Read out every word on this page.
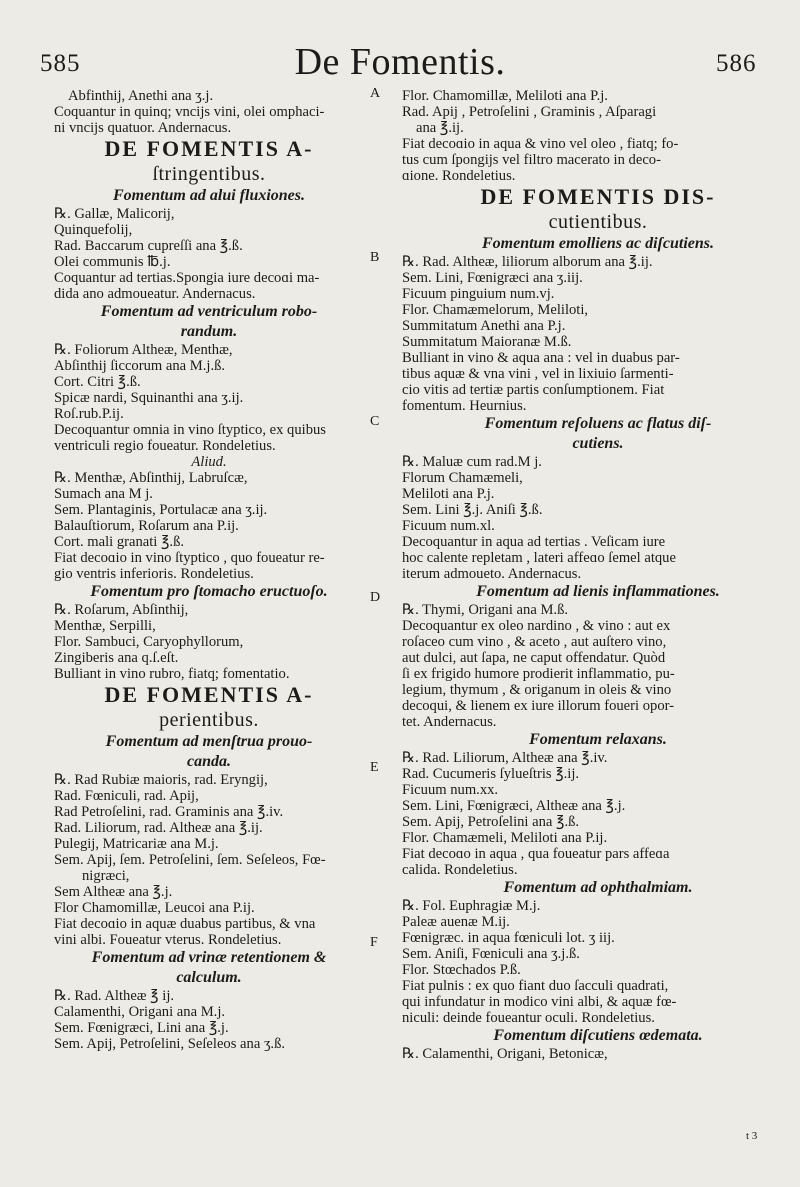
585	De Fomentis.	586

Abfinthij, Anethi ana ʒ.j.

Coquantur in quinq; vncijs vini, olei omphaci-

ni vncijs quatuor. Andernacus.

DE FOMENTIS A-

ſtringentibus.

Fomentum ad alui fluxiones.

℞. Gallæ, Malicorij,

Quinquefolij,

Rad. Baccarum cupreſſi ana ℥.ß.

Olei communis ℔.j.

Coquantur ad tertias.Spongia iure decoɑi ma-

dida ano admoueatur. Andernacus.

Fomentum ad ventriculum robo-

randum.

℞. Foliorum Altheæ, Menthæ,

Abſinthij ſiccorum ana M.j.ß.

Cort. Citri ℥.ß.

Spicæ nardi, Squinanthi ana ʒ.ij.

Roſ.rub.P.ij.

Decoquantur omnia in vino ſtyptico, ex quibus

ventriculi regio foueatur. Rondeletius.

Aliud.

℞. Menthæ, Abſinthij, Labruſcæ,

Sumach ana M j.

Sem. Plantaginis, Portulacæ ana ʒ.ij.

Balauſtiorum, Roſarum ana P.ij.

Cort. mali granati ℥.ß.

Fiat decoɑio in vino ſtyptico , quo foueatur re-

gio ventris inferioris. Rondeletius.

Fomentum pro ſtomacho eructuoſo.

℞. Roſarum, Abſinthij,

Menthæ, Serpilli,

Flor. Sambuci, Caryophyllorum,

Zingiberis ana q.ſ.eſt.

Bulliant in vino rubro, fiatq; fomentatio.

DE FOMENTIS A-

perientibus.

Fomentum ad menſtrua prouo-

canda.

℞. Rad Rubiæ maioris, rad. Eryngij,

Rad. Fœniculi, rad. Apij,

Rad Petroſelini, rad. Graminis ana ℥.iv.

Rad. Liliorum, rad. Altheæ ana ℥.ij.

Pulegij, Matricariæ ana M.j.

Sem. Apij, ſem. Petroſelini, ſem. Seſeleos, Fœ-

nigræci,

Sem Altheæ ana ℥.j.

Flor Chamomillæ, Leucoi ana P.ij.

Fiat decoɑio in aquæ duabus partibus, & vna

vini albi. Foueatur vterus. Rondeletius.

Fomentum ad vrinæ retentionem &

calculum.

℞. Rad. Altheæ ℥ ij.

Calamenthi, Origani ana M.j.

Sem. Fœnigræci, Lini ana ℥.j.

Sem. Apij, Petroſelini, Seſeleos ana ʒ.ß.

Flor. Chamomillæ, Meliloti ana P.j.

Rad. Apij , Petroſelini , Graminis , Aſparagi

ana ℥.ij.

Fiat decoɑio in aqua & vino vel oleo , fiatq; fo-

tus cum ſpongijs vel filtro macerato in deco-

ɑione. Rondeletius.

DE FOMENTIS DIS-

cutientibus.

Fomentum emolliens ac diſcutiens.

℞. Rad. Altheæ, liliorum alborum ana ℥.ij.

Sem. Lini, Fœnigræci ana ʒ.iij.

Ficuum pinguium num.vj.

Flor. Chamæmelorum, Meliloti,

Summitatum Anethi ana P.j.

Summitatum Maioranæ M.ß.

Bulliant in vino & aqua ana : vel in duabus par-

tibus aquæ & vna vini , vel in lixiuio ſarmenti-

cio vitis ad tertiæ partis conſumptionem. Fiat

fomentum. Heurnius.

Fomentum reſoluens ac flatus diſ-

cutiens.

℞. Maluæ cum rad.M j.

Florum Chamæmeli,

Meliloti ana P.j.

Sem. Lini ℥.j. Aniſi ℥.ß.

Ficuum num.xl.

Decoquantur in aqua ad tertias . Veſicam iure

hoc calente repletam , lateri affeɑo ſemel atque

iterum admoueto. Andernacus.

Fomentum ad lienis inflammationes.

℞. Thymi, Origani ana M.ß.

Decoquantur ex oleo nardino , & vino : aut ex

roſaceo cum vino , & aceto , aut auſtero vino,

aut dulci, aut ſapa, ne caput offendatur. Quòd

ſi ex frigido humore prodierit inflammatio, pu-

legium, thymum , & origanum in oleis & vino

decoqui, & lienem ex iure illorum foueri opor-

tet. Andernacus.

Fomentum relaxans.

℞. Rad. Liliorum, Altheæ ana ℥.iv.

Rad. Cucumeris ſylueſtris ℥.ij.

Ficuum num.xx.

Sem. Lini, Fœnigræci, Altheæ ana ℥.j.

Sem. Apij, Petroſelini ana ℥.ß.

Flor. Chamæmeli, Meliloti ana P.ij.

Fiat decoɑo in aqua , qua foueatur pars affeɑa

calida. Rondeletius.

Fomentum ad ophthalmiam.

℞. Fol. Euphragiæ M.j.

Paleæ auenæ M.ij.

Fœnigræc. in aqua fœniculi lot. ʒ iij.

Sem. Aniſi, Fœniculi ana ʒ.j.ß.

Flor. Stœchados P.ß.

Fiat pulnis : ex quo fiant duo ſacculi quadrati,

qui infundatur in modico vini albi, & aquæ fœ-

niculi: deinde foueantur oculi. Rondeletius.

Fomentum diſcutiens œdemata.

℞. Calamenthi, Origani, Betonicæ,

A
B
C
D
E
F
t 3
